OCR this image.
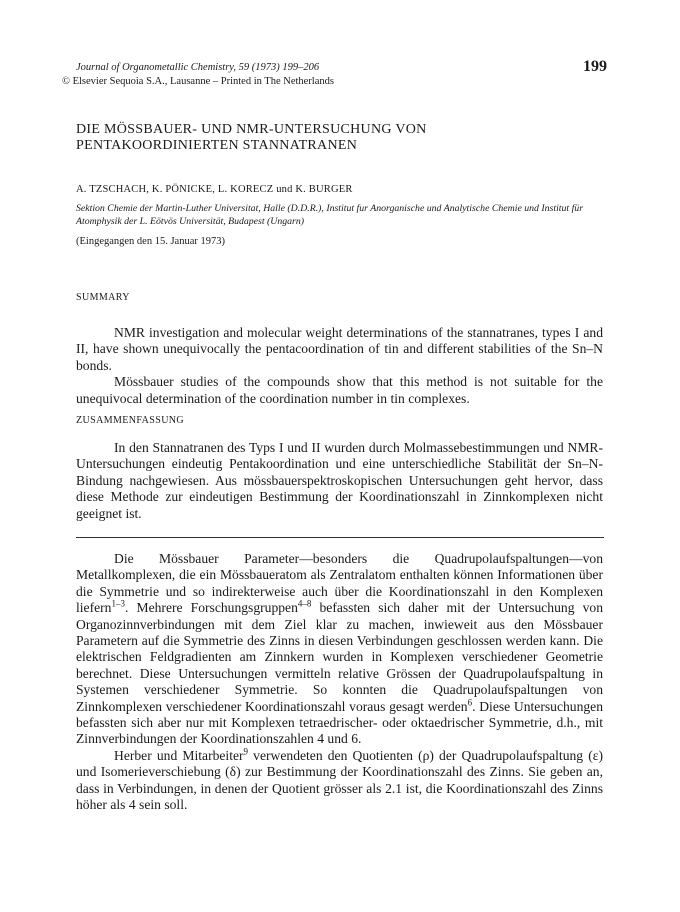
Journal of Organometallic Chemistry, 59 (1973) 199–206
© Elsevier Sequoia S.A., Lausanne – Printed in The Netherlands
199
DIE MÖSSBAUER- UND NMR-UNTERSUCHUNG VON
PENTAKOORDINIERTEN STANNATRANEN
A. TZSCHACH, K. PÖNICKE, L. KORECZ und K. BURGER
Sektion Chemie der Martin-Luther Universitat, Halle (D.D.R.), Institut fur Anorganische und Analytische Chemie und Institut für Atomphysik der L. Eötvös Universität, Budapest (Ungarn)
(Eingegangen den 15. Januar 1973)
SUMMARY

NMR investigation and molecular weight determinations of the stannatranes, types I and II, have shown unequivocally the pentacoordination of tin and different stabilities of the Sn–N bonds.

Mössbauer studies of the compounds show that this method is not suitable for the unequivocal determination of the coordination number in tin complexes.

ZUSAMMENFASSUNG

In den Stannatranen des Typs I und II wurden durch Molmassebestimmungen und NMR-Untersuchungen eindeutig Pentakoordination und eine unterschiedliche Stabilität der Sn–N-Bindung nachgewiesen. Aus mössbauerspektroskopischen Untersuchungen geht hervor, dass diese Methode zur eindeutigen Bestimmung der Koordinationszahl in Zinnkomplexen nicht geeignet ist.

Die Mössbauer Parameter—besonders die Quadrupolaufspaltungen—von Metallkomplexen, die ein Mössbaueratom als Zentralatom enthalten können Informationen über die Symmetrie und so indirekterweise auch über die Koordinationszahl in den Komplexen liefern$^{1-3}$. Mehrere Forschungsgruppen$^{4-8}$ befassten sich daher mit der Untersuchung von Organozinnverbindungen mit dem Ziel klar zu machen, inwieweit aus den Mössbauer Parametern auf die Symmetrie des Zinns in diesen Verbindungen geschlossen werden kann. Die elektrischen Feldgradienten am Zinnkern wurden in Komplexen verschiedener Geometrie berechnet. Diese Untersuchungen vermitteln relative Grössen der Quadrupolaufspaltung in Systemen verschiedener Symmetrie. So konnten die Quadrupolaufspaltungen von Zinnkomplexen verschiedener Koordinationszahl voraus gesagt werden$^6$. Diese Untersuchungen befassten sich aber nur mit Komplexen tetraedrischer- oder oktaedrischer Symmetrie, d.h., mit Zinnverbindungen der Koordinationszahlen 4 und 6.

Herber und Mitarbeiter$^9$ verwendeten den Quotienten (ρ) der Quadrupolaufspaltung (ε) und Isomerieverschiebung (δ) zur Bestimmung der Koordinationszahl des Zinns. Sie geben an, dass in Verbindungen, in denen der Quotient grösser als 2.1 ist, die Koordinationszahl des Zinns höher als 4 sein soll.
